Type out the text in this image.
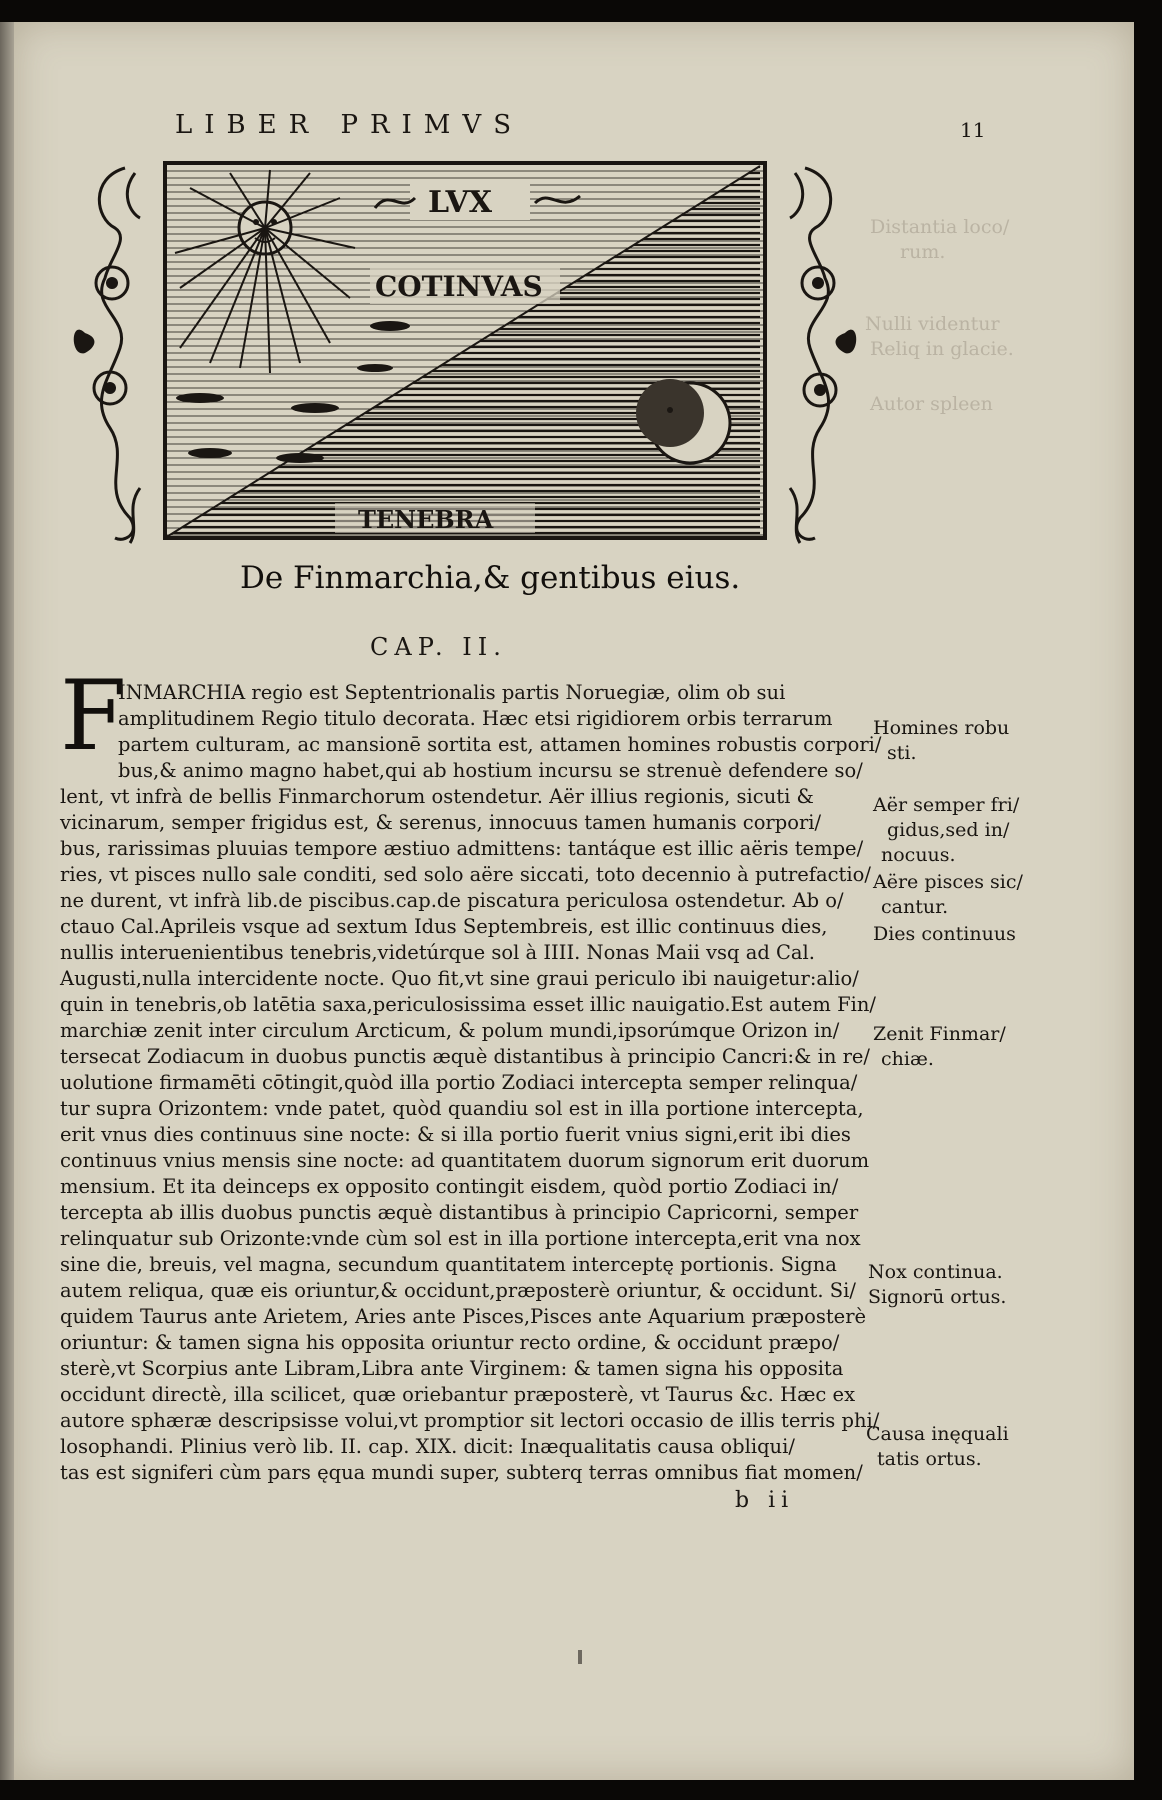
LIBER PRIMVS	11
Distantia loco/
rum.
Nulli videntur
Reliq in glacie.
Autor spleen
LVX
COTINVAS
TENEBRA
De Finmarchia,& gentibus eius.
CAP. II.
F
INMARCHIA regio est Septentrionalis partis Noruegiæ, olim ob sui
amplitudinem Regio titulo decorata. Hæc etsi rigidiorem orbis terrarum
partem culturam, ac mansionē sortita est, attamen homines robustis corpori/
bus,& animo magno habet,qui ab hostium incursu se strenuè defendere so/
lent, vt infrà de bellis Finmarchorum ostendetur. Aër illius regionis, sicuti &
vicinarum, semper frigidus est, & serenus, innocuus tamen humanis corpori/
bus, rarissimas pluuias tempore æstiuo admittens: tantáque est illic aëris tempe/
ries, vt pisces nullo sale conditi, sed solo aëre siccati, toto decennio à putrefactio/
ne durent, vt infrà lib.de piscibus.cap.de piscatura periculosa ostendetur. Ab o/
ctauo Cal.Aprileis vsque ad sextum Idus Septembreis, est illic continuus dies,
nullis interuenientibus tenebris,videtúrque sol à IIII. Nonas Maii vsq ad Cal.
Augusti,nulla intercidente nocte. Quo fit,vt sine graui periculo ibi nauigetur:alio/
quin in tenebris,ob latētia saxa,periculosissima esset illic nauigatio.Est autem Fin/
marchiæ zenit inter circulum Arcticum, & polum mundi,ipsorúmque Orizon in/
tersecat Zodiacum in duobus punctis æquè distantibus à principio Cancri:& in re/
uolutione firmamēti cōtingit,quòd illa portio Zodiaci intercepta semper relinqua/
tur supra Orizontem: vnde patet, quòd quandiu sol est in illa portione intercepta,
erit vnus dies continuus sine nocte: & si illa portio fuerit vnius signi,erit ibi dies
continuus vnius mensis sine nocte: ad quantitatem duorum signorum erit duorum
mensium. Et ita deinceps ex opposito contingit eisdem, quòd portio Zodiaci in/
tercepta ab illis duobus punctis æquè distantibus à principio Capricorni, semper
relinquatur sub Orizonte:vnde cùm sol est in illa portione intercepta,erit vna nox
sine die, breuis, vel magna, secundum quantitatem interceptę portionis. Signa
autem reliqua, quæ eis oriuntur,& occidunt,præposterè oriuntur, & occidunt. Si/
quidem Taurus ante Arietem, Aries ante Pisces,Pisces ante Aquarium præposterè
oriuntur: & tamen signa his opposita oriuntur recto ordine, & occidunt præpo/
sterè,vt Scorpius ante Libram,Libra ante Virginem: & tamen signa his opposita
occidunt directè, illa scilicet, quæ oriebantur præposterè, vt Taurus &c. Hæc ex
autore sphæræ descripsisse volui,vt promptior sit lectori occasio de illis terris phi/
losophandi. Plinius verò lib. II. cap. XIX. dicit: Inæqualitatis causa obliqui/
tas est signiferi cùm pars ęqua mundi super, subterq terras omnibus fiat momen/
b ii
Homines robu
sti.
Aër semper fri/
gidus,sed in/
nocuus.
Aëre pisces sic/
cantur.
Dies continuus
Zenit Finmar/
chiæ.
Nox continua.
Signorū ortus.
Causa inęquali
tatis ortus.
